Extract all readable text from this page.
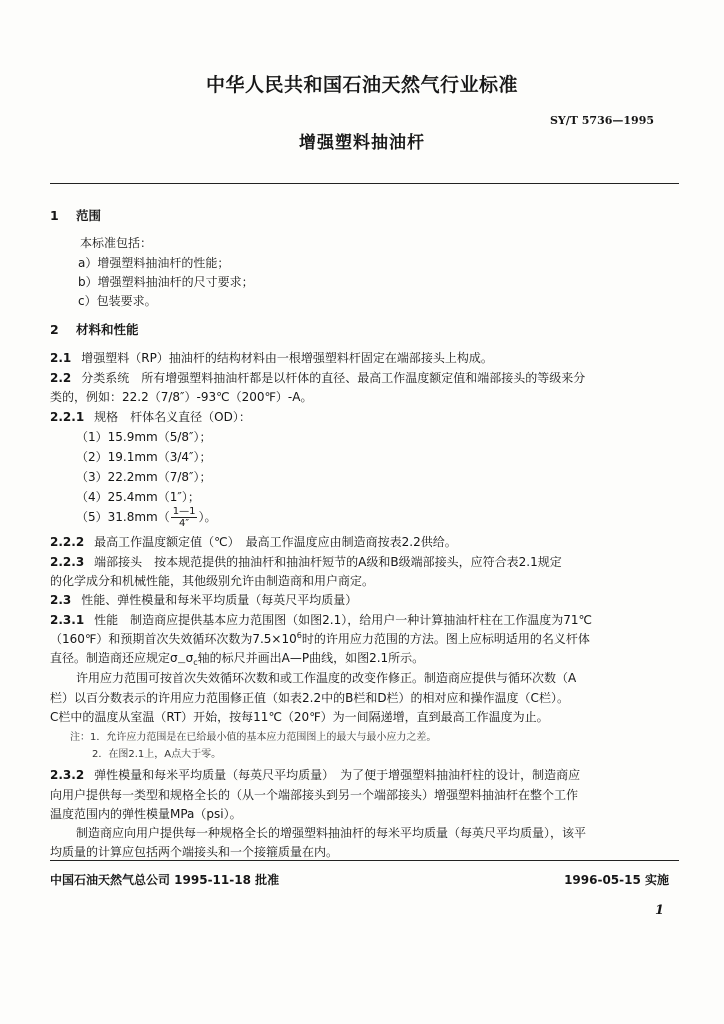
中华人民共和国石油天然气行业标准
SY/T 5736—1995
增强塑料抽油杆
1 范围
本标准包括：
a）增强塑料抽油杆的性能；
b）增强塑料抽油杆的尺寸要求；
c）包装要求。
2 材料和性能
2.1 增强塑料（RP）抽油杆的结构材料由一根增强塑料杆固定在端部接头上构成。
2.2 分类系统　所有增强塑料抽油杆都是以杆体的直径、最高工作温度额定值和端部接头的等级来分
类的，例如：22.2（7/8″）-93℃（200℉）-A。
2.2.1 规格　杆体名义直径（OD）：
（1）15.9mm（5/8″）；
（2）19.1mm（3/4″）；
（3）22.2mm（7/8″）；
（4）25.4mm（1″）；
$(5)31.8mm( \frac{1—1}{4''}$ ）。
2.2.2 最高工作温度额定值（℃）　最高工作温度应由制造商按表2.2供给。
2.2.3 端部接头　按本规范提供的抽油杆和抽油杆短节的A级和B级端部接头，应符合表2.1规定
的化学成分和机械性能，其他级别允许由制造商和用户商定。
2.3 性能、弹性模量和每米平均质量（每英尺平均质量）
2.3.1 性能　制造商应提供基本应力范围图（如图2.1），给用户一种计算抽油杆柱在工作温度为71℃
（160℉）和预期首次失效循环次数为$7.5\times 10^6$时的许用应力范围的方法。图上应标明适用的名义杆体
直径。制造商还应规定$\sigma_—\sigma_c$轴的标尺并画出A—P曲线，如图2.1所示。
许用应力范围可按首次失效循环次数和或工作温度的改变作修正。制造商应提供与循环次数（A
栏）以百分数表示的许用应力范围修正值（如表2.2中的B栏和D栏）的相对应和操作温度（C栏）。
C栏中的温度从室温（RT）开始，按每11℃（20℉）为一间隔递增，直到最高工作温度为止。
注：1．允许应力范围是在已给最小值的基本应力范围图上的最大与最小应力之差。
2．在图2.1上，A点大于零。
2.3.2 弹性模量和每米平均质量（每英尺平均质量）　为了便于增强塑料抽油杆柱的设计，制造商应
向用户提供每一类型和规格全长的（从一个端部接头到另一个端部接头）增强塑料抽油杆在整个工作
温度范围内的弹性模量MPa（psi）。
制造商应向用户提供每一种规格全长的增强塑料抽油杆的每米平均质量（每英尺平均质量），该平
均质量的计算应包括两个端接头和一个接箍质量在内。
中国石油天然气总公司 1995-11-18 批准	1996-05-15 实施
1
